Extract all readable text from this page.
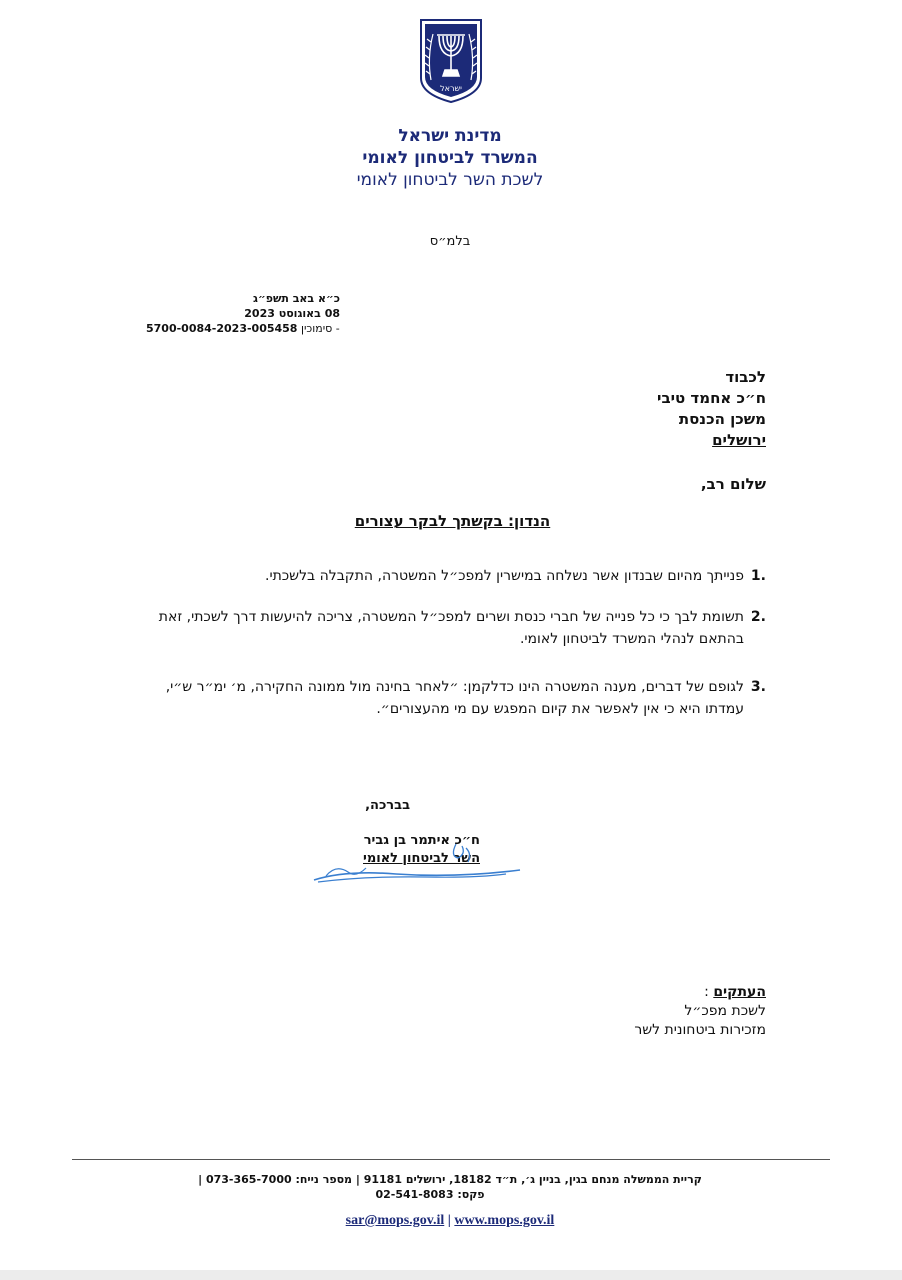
ישראל
מדינת ישראל
המשרד לביטחון לאומי
לשכת השר לביטחון לאומי
בלמ״ס
כ״א באב תשפ״ג
08 באוגוסט 2023
5700-0084-2023-005458 סימוכין -
לכבוד
ח״כ אחמד טיבי
משכן הכנסת
ירושלים
שלום רב,
הנדון: בקשתך לבקר עצורים
.1
פנייתך מהיום שבנדון אשר נשלחה במישרין למפכ״ל המשטרה, התקבלה בלשכתי.
.2
תשומת לבך כי כל פנייה של חברי כנסת ושרים למפכ״ל המשטרה, צריכה להיעשות דרך לשכתי, זאת בהתאם לנהלי המשרד לביטחון לאומי.
.3
לגופם של דברים, מענה המשטרה הינו כדלקמן: ״לאחר בחינה מול ממונה החקירה, מ׳ ימ״ר ש״י, עמדתו היא כי אין לאפשר את קיום המפגש עם מי מהעצורים״.
בברכה,
ח״כ איתמר בן גביר
השר לביטחון לאומי
העתקים :
לשכת מפכ״ל
מזכירות ביטחונית לשר
קריית הממשלה מנחם בגין, בניין ג׳, ת״ד 18182, ירושלים 91181 | מספר נייח: 073-365-7000 |
פקס: 02-541-8083
sar@mops.gov.il | www.mops.gov.il
